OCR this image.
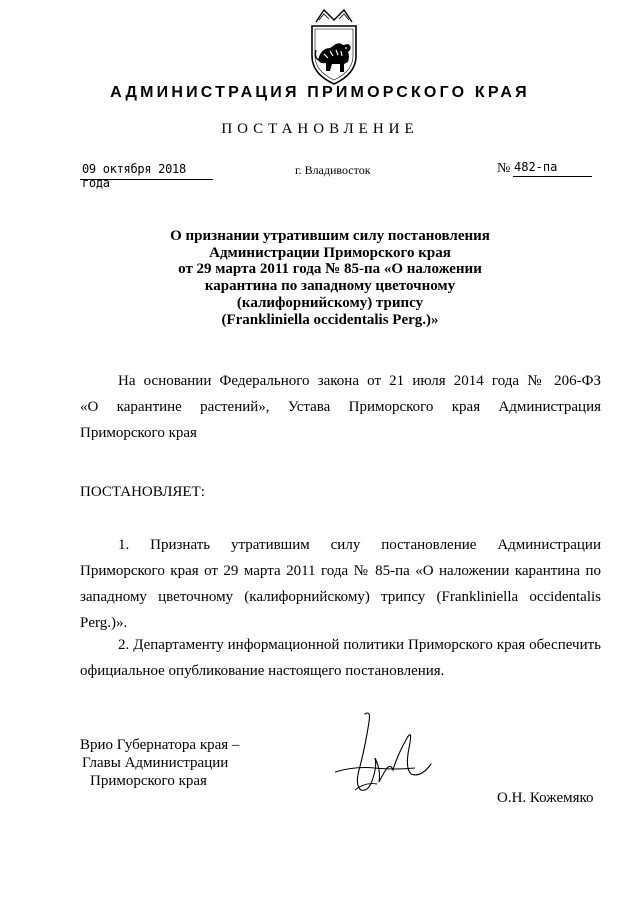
АДМИНИСТРАЦИЯ ПРИМОРСКОГО КРАЯ
ПОСТАНОВЛЕНИЕ
09 октября 2018 года
г. Владивосток	№ 482-па
О признании утратившим силу постановления
Администрации Приморского края
от 29 марта 2011 года № 85-па «О наложении
карантина по западному цветочному
(калифорнийскому) трипсу
(Frankliniella occidentalis Perg.)»
На основании Федерального закона от 21 июля 2014 года № 206-ФЗ
«О карантине растений», Устава Приморского края Администрация
Приморского края
ПОСТАНОВЛЯЕТ:
1. Признать утратившим силу постановление Администрации
Приморского края от 29 марта 2011 года № 85-па «О наложении карантина по
западному цветочному (калифорнийскому) трипсу (Frankliniella occidentalis
Perg.)».
2. Департаменту информационной политики Приморского края обеспечить
официальное опубликование настоящего постановления.
Врио Губернатора края –
Главы Администрации
Приморского края
О.Н. Кожемяко
